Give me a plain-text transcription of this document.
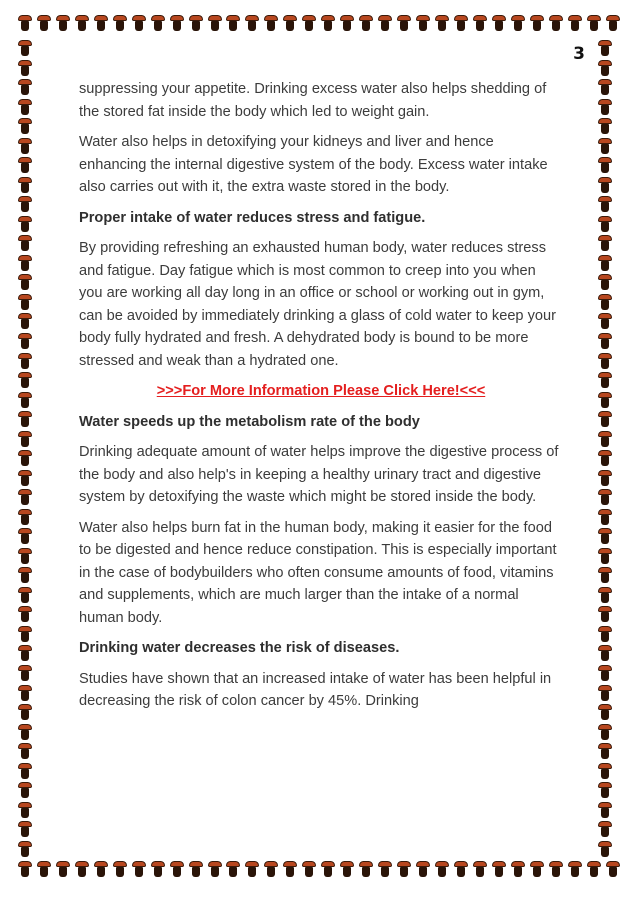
3

suppressing your appetite. Drinking excess water also helps shedding of the stored fat inside the body which led to weight gain.

Water also helps in detoxifying your kidneys and liver and hence enhancing the internal digestive system of the body. Excess water intake also carries out with it, the extra waste stored in the body.

Proper intake of water reduces stress and fatigue.

By providing refreshing an exhausted human body, water reduces stress and fatigue. Day fatigue which is most common to creep into you when you are working all day long in an office or school or working out in gym, can be avoided by immediately drinking a glass of cold water to keep your body fully hydrated and fresh. A dehydrated body is bound to be more stressed and weak than a hydrated one.

>>>For More Information Please Click Here!<<<

Water speeds up the metabolism rate of the body

Drinking adequate amount of water helps improve the digestive process of the body and also help's in keeping a healthy urinary tract and digestive system by detoxifying the waste which might be stored inside the body.

Water also helps burn fat in the human body, making it easier for the food to be digested and hence reduce constipation. This is especially important in the case of bodybuilders who often consume amounts of food, vitamins and supplements, which are much larger than the intake of a normal human body.

Drinking water decreases the risk of diseases.

Studies have shown that an increased intake of water has been helpful in decreasing the risk of colon cancer by 45%. Drinking
